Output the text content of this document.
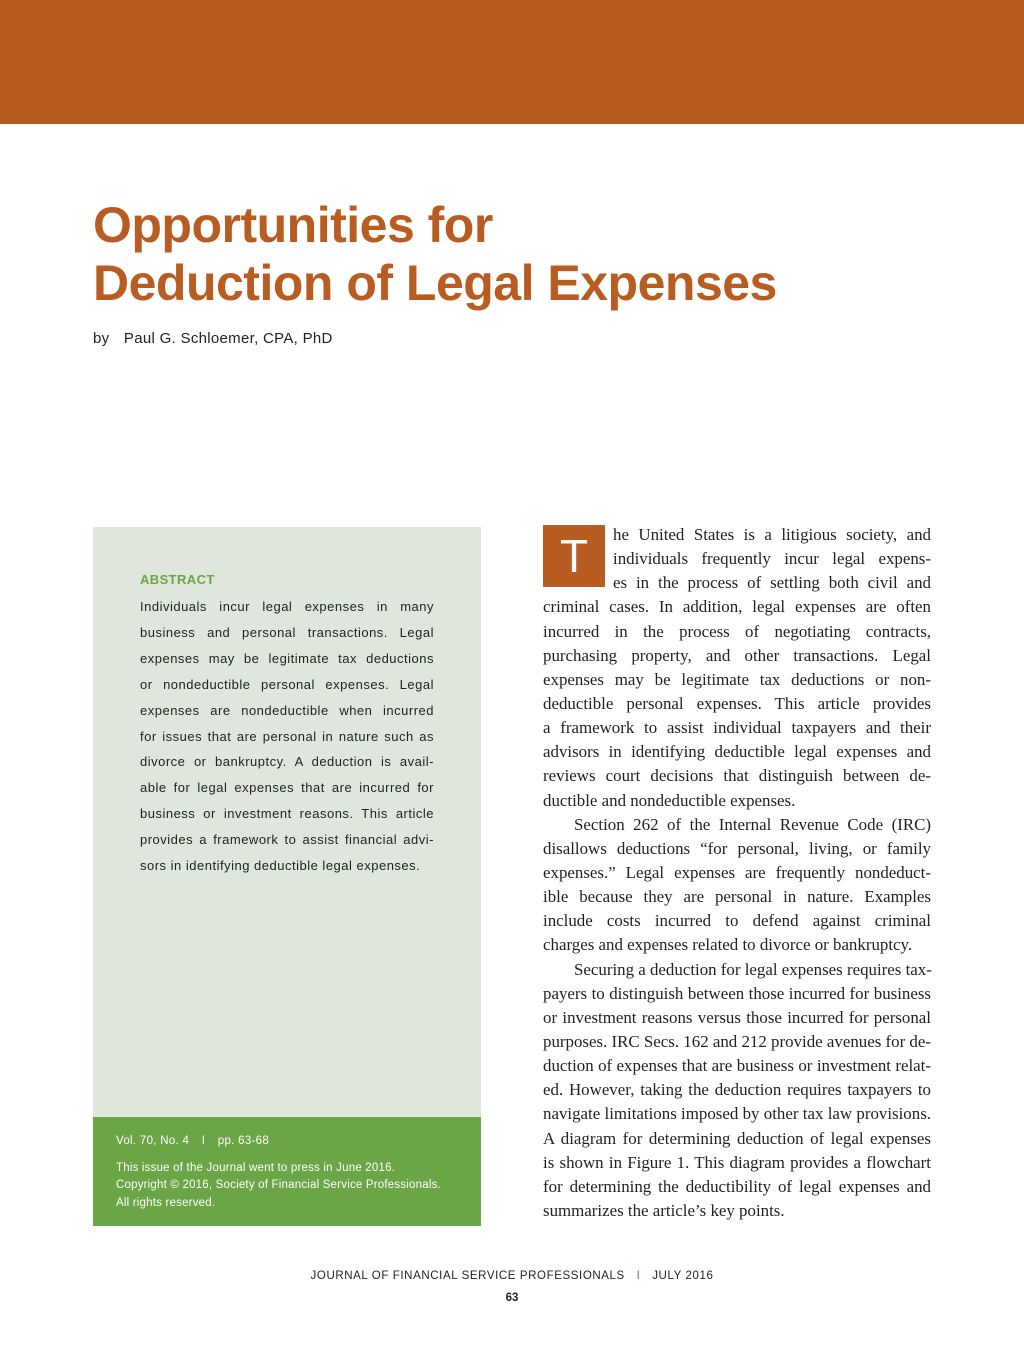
Opportunities for
Deduction of Legal Expenses
by Paul G. Schloemer, CPA, PhD
ABSTRACT

Individuals incur legal expenses in many
business and personal transactions. Legal
expenses may be legitimate tax deductions
or nondeductible personal expenses. Legal
expenses are nondeductible when incurred
for issues that are personal in nature such as
divorce or bankruptcy. A deduction is avail-
able for legal expenses that are incurred for
business or investment reasons. This article
provides a framework to assist financial advi-
sors in identifying deductible legal expenses.

Vol. 70, No. 4 I pp. 63-68
This issue of the Journal went to press in June 2016.
Copyright © 2016, Society of Financial Service Professionals.
All rights reserved.
T	he United States is a litigious society, and
individuals frequently incur legal expens-
es in the process of settling both civil and
criminal cases. In addition, legal expenses are often
incurred in the process of negotiating contracts,
purchasing property, and other transactions. Legal
expenses may be legitimate tax deductions or non-
deductible personal expenses. This article provides
a framework to assist individual taxpayers and their
advisors in identifying deductible legal expenses and
reviews court decisions that distinguish between de-
ductible and nondeductible expenses.
Section 262 of the Internal Revenue Code (IRC)
disallows deductions “for personal, living, or family
expenses.” Legal expenses are frequently nondeduct-
ible because they are personal in nature. Examples
include costs incurred to defend against criminal
charges and expenses related to divorce or bankruptcy.
Securing a deduction for legal expenses requires tax-
payers to distinguish between those incurred for business
or investment reasons versus those incurred for personal
purposes. IRC Secs. 162 and 212 provide avenues for de-
duction of expenses that are business or investment relat-
ed. However, taking the deduction requires taxpayers to
navigate limitations imposed by other tax law provisions.
A diagram for determining deduction of legal expenses
is shown in Figure 1. This diagram provides a flowchart
for determining the deductibility of legal expenses and
summarizes the article’s key points.
JOURNAL OF FINANCIAL SERVICE PROFESSIONALS I JULY 2016
63
